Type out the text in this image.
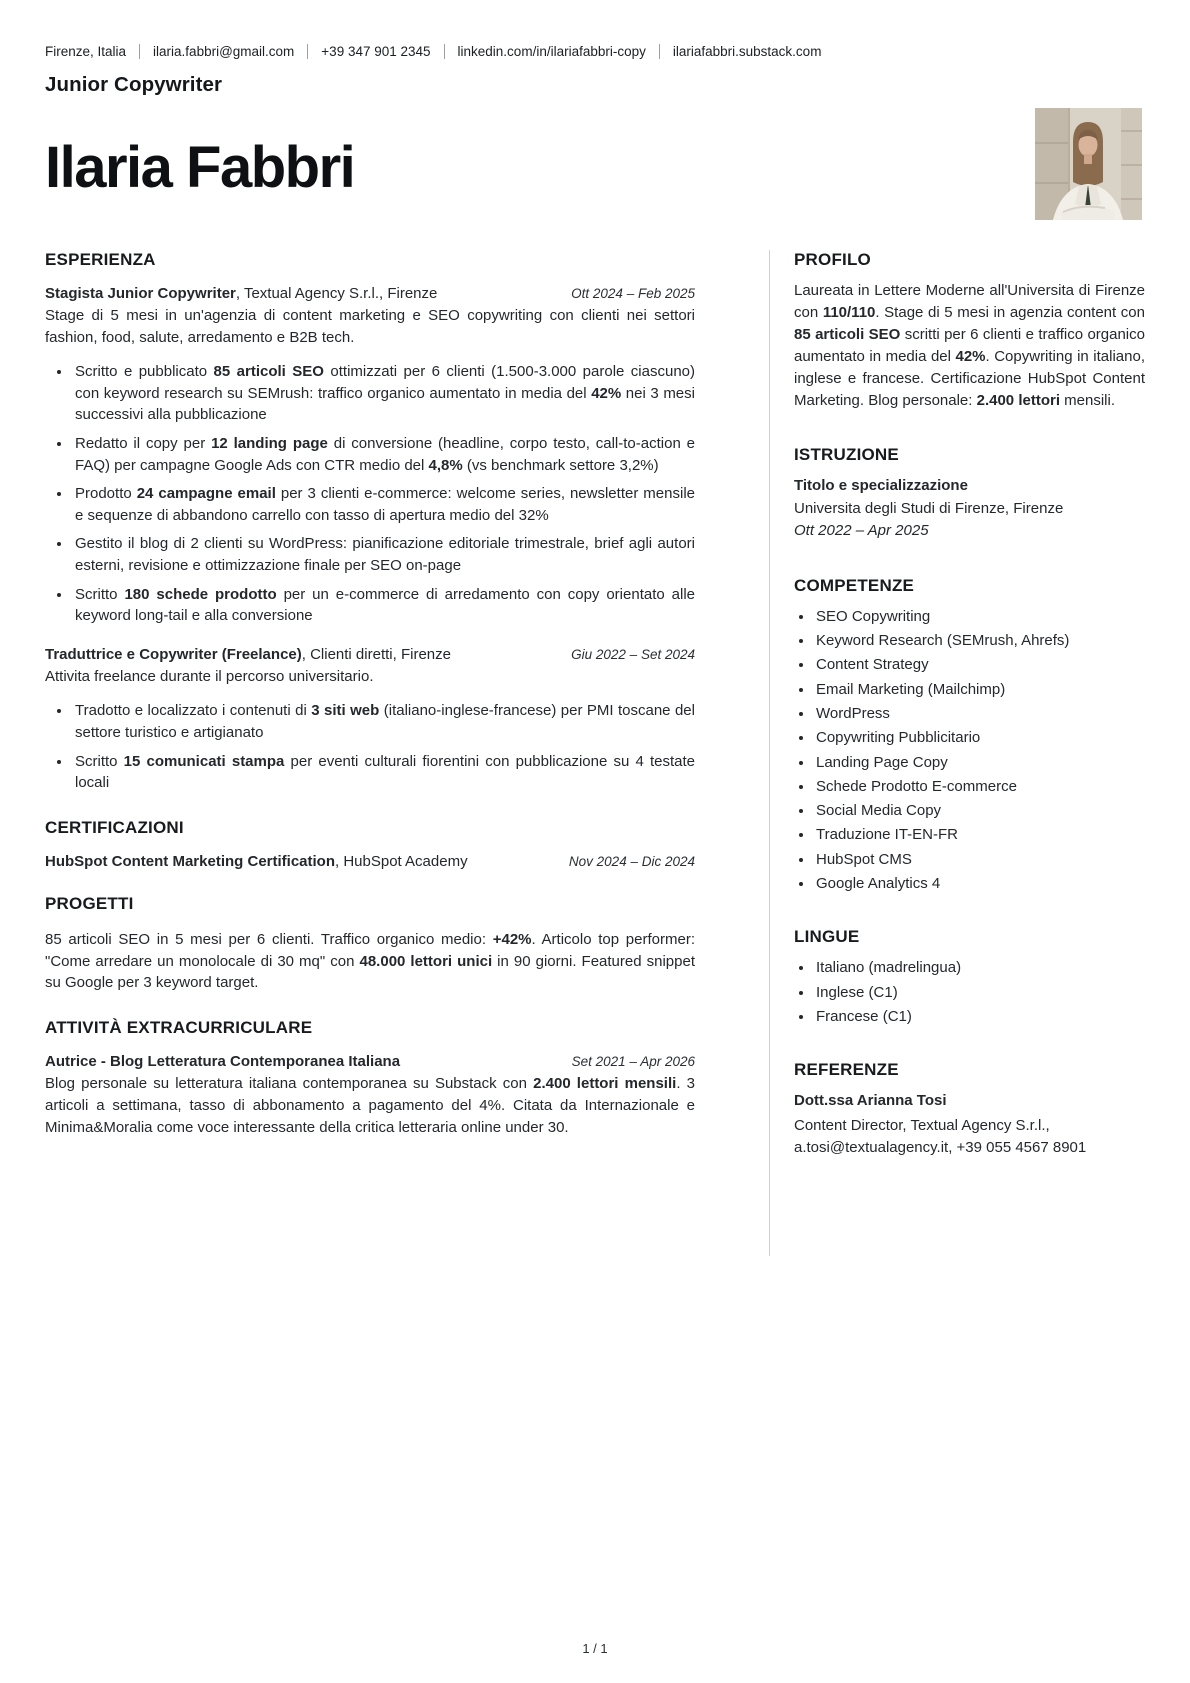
Firenze, Italia ilaria.fabbri@gmail.com +39 347 901 2345 linkedin.com/in/ilariafabbri-copy ilariafabbri.substack.com
Junior Copywriter
Ilaria Fabbri
ESPERIENZA
Stagista Junior Copywriter, Textual Agency S.r.l., Firenze	Ott 2024 – Feb 2025

Stage di 5 mesi in un'agenzia di content marketing e SEO copywriting con clienti nei settori fashion, food, salute, arredamento e B2B tech.

• Scritto e pubblicato 85 articoli SEO ottimizzati per 6 clienti (1.500-3.000 parole ciascuno) con keyword research su SEMrush: traffico organico aumentato in media del 42% nei 3 mesi successivi alla pubblicazione
• Redatto il copy per 12 landing page di conversione (headline, corpo testo, call-to-action e FAQ) per campagne Google Ads con CTR medio del 4,8% (vs benchmark settore 3,2%)
• Prodotto 24 campagne email per 3 clienti e-commerce: welcome series, newsletter mensile e sequenze di abbandono carrello con tasso di apertura medio del 32%
• Gestito il blog di 2 clienti su WordPress: pianificazione editoriale trimestrale, brief agli autori esterni, revisione e ottimizzazione finale per SEO on-page
• Scritto 180 schede prodotto per un e-commerce di arredamento con copy orientato alle keyword long-tail e alla conversione
Traduttrice e Copywriter (Freelance), Clienti diretti, Firenze	Giu 2022 – Set 2024

Attivita freelance durante il percorso universitario.

• Tradotto e localizzato i contenuti di 3 siti web (italiano-inglese-francese) per PMI toscane del settore turistico e artigianato
• Scritto 15 comunicati stampa per eventi culturali fiorentini con pubblicazione su 4 testate locali
CERTIFICAZIONI
HubSpot Content Marketing Certification, HubSpot Academy	Nov 2024 – Dic 2024
PROGETTI

85 articoli SEO in 5 mesi per 6 clienti. Traffico organico medio: +42%. Articolo top performer: "Come arredare un monolocale di 30 mq" con 48.000 lettori unici in 90 giorni. Featured snippet su Google per 3 keyword target.

ATTIVITÀ EXTRACURRICULARE
Autrice - Blog Letteratura Contemporanea Italiana	Set 2021 – Apr 2026

Blog personale su letteratura italiana contemporanea su Substack con 2.400 lettori mensili. 3 articoli a settimana, tasso di abbonamento a pagamento del 4%. Citata da Internazionale e Minima&Moralia come voce interessante della critica letteraria online under 30.

PROFILO

Laureata in Lettere Moderne all'Universita di Firenze con 110/110. Stage di 5 mesi in agenzia content con 85 articoli SEO scritti per 6 clienti e traffico organico aumentato in media del 42%. Copywriting in italiano, inglese e francese. Certificazione HubSpot Content Marketing. Blog personale: 2.400 lettori mensili.

ISTRUZIONE
Titolo e specializzazione
Universita degli Studi di Firenze, Firenze
Ott 2022 – Apr 2025
COMPETENZE
• SEO Copywriting
• Keyword Research (SEMrush, Ahrefs)
• Content Strategy
• Email Marketing (Mailchimp)
• WordPress
• Copywriting Pubblicitario
• Landing Page Copy
• Schede Prodotto E-commerce
• Social Media Copy
• Traduzione IT-EN-FR
• HubSpot CMS
• Google Analytics 4
LINGUE
• Italiano (madrelingua)
• Inglese (C1)
• Francese (C1)
REFERENZE
Dott.ssa Arianna Tosi
Content Director, Textual Agency S.r.l., a.tosi@textualagency.it, +39 055 4567 8901
1 / 1
